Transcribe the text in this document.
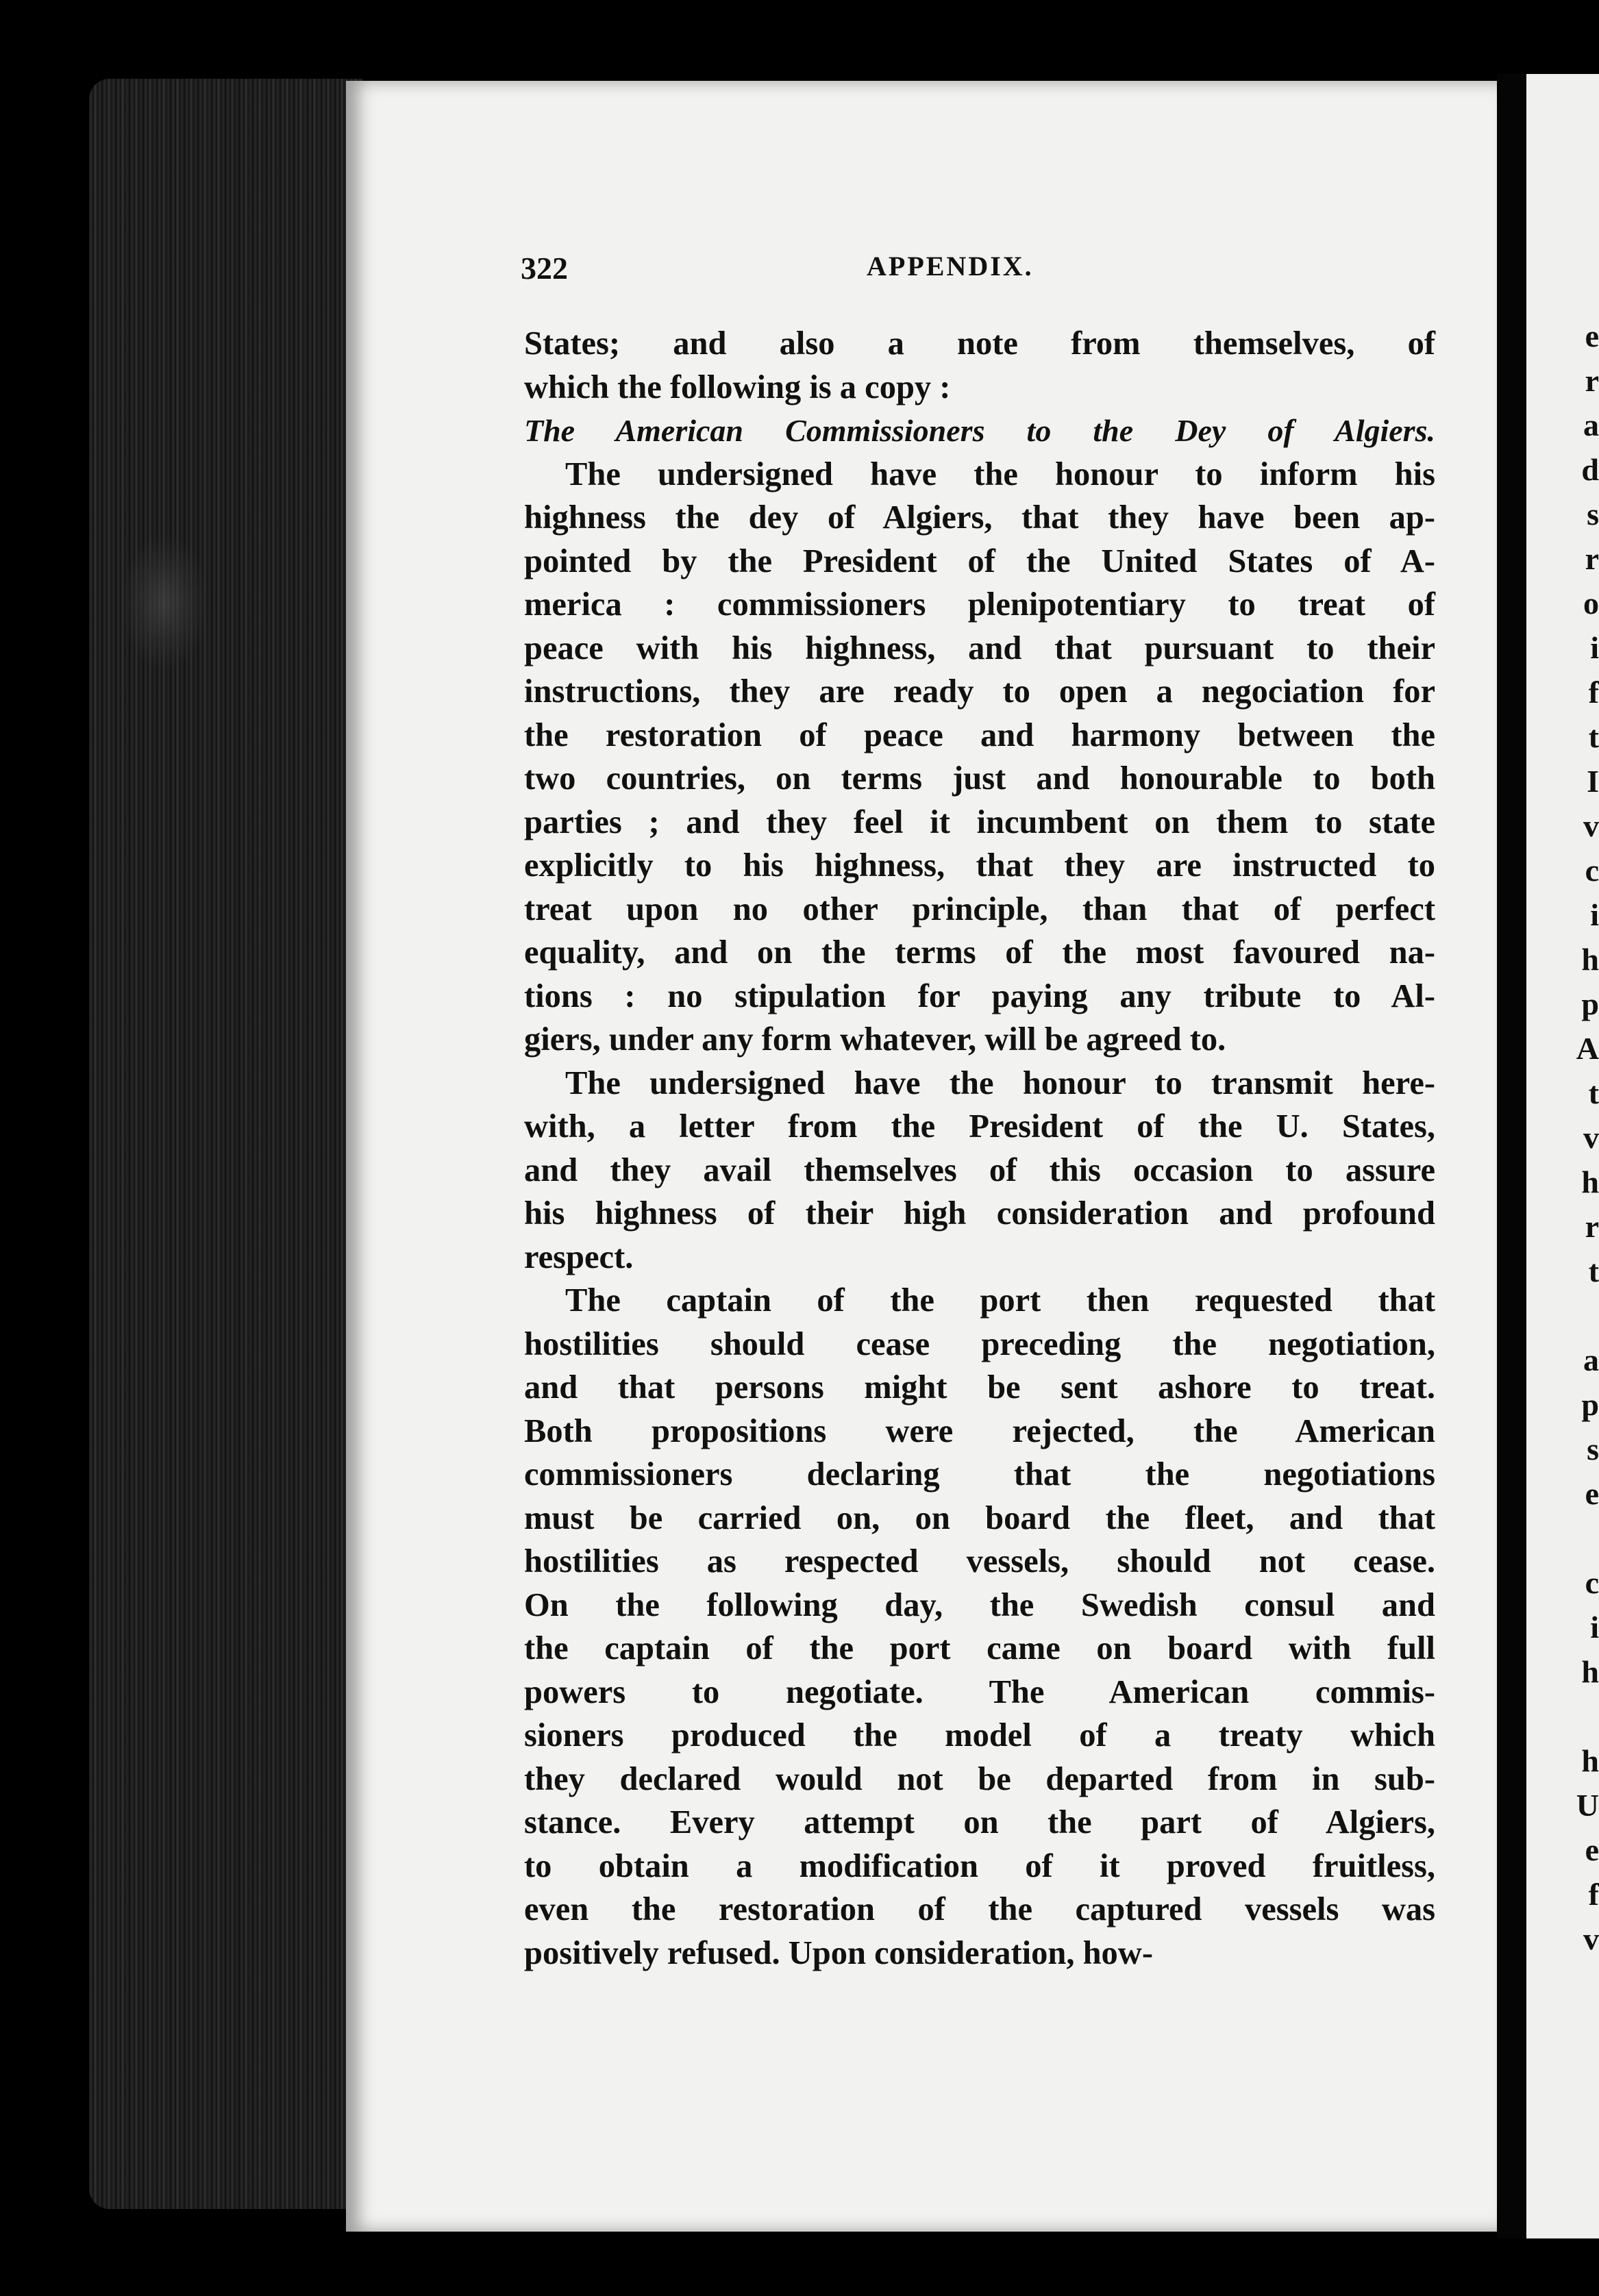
e
r
a
d
s
r
o
i
f
t
I
v
c
i
h
p
A
t
v
h
r
t
a
p
s
e
c
i
h
h
U
e
f
v
322	APPENDIX.
States; and also a note from themselves, of
which the following is a copy :
The American Commissioners to the Dey of Algiers.
The undersigned have the honour to inform his
highness the dey of Algiers, that they have been ap-
pointed by the President of the United States of A-
merica : commissioners plenipotentiary to treat of
peace with his highness, and that pursuant to their
instructions, they are ready to open a negociation for
the restoration of peace and harmony between the
two countries, on terms just and honourable to both
parties ; and they feel it incumbent on them to state
explicitly to his highness, that they are instructed to
treat upon no other principle, than that of perfect
equality, and on the terms of the most favoured na-
tions : no stipulation for paying any tribute to Al-
giers, under any form whatever, will be agreed to.
The undersigned have the honour to transmit here-
with, a letter from the President of the U. States,
and they avail themselves of this occasion to assure
his highness of their high consideration and profound
respect.
The captain of the port then requested that
hostilities should cease preceding the negotiation,
and that persons might be sent ashore to treat.
Both propositions were rejected, the American
commissioners declaring that the negotiations
must be carried on, on board the fleet, and that
hostilities as respected vessels, should not cease.
On the following day, the Swedish consul and
the captain of the port came on board with full
powers to negotiate. The American commis-
sioners produced the model of a treaty which
they declared would not be departed from in sub-
stance. Every attempt on the part of Algiers,
to obtain a modification of it proved fruitless,
even the restoration of the captured vessels was
positively refused. Upon consideration, how-
